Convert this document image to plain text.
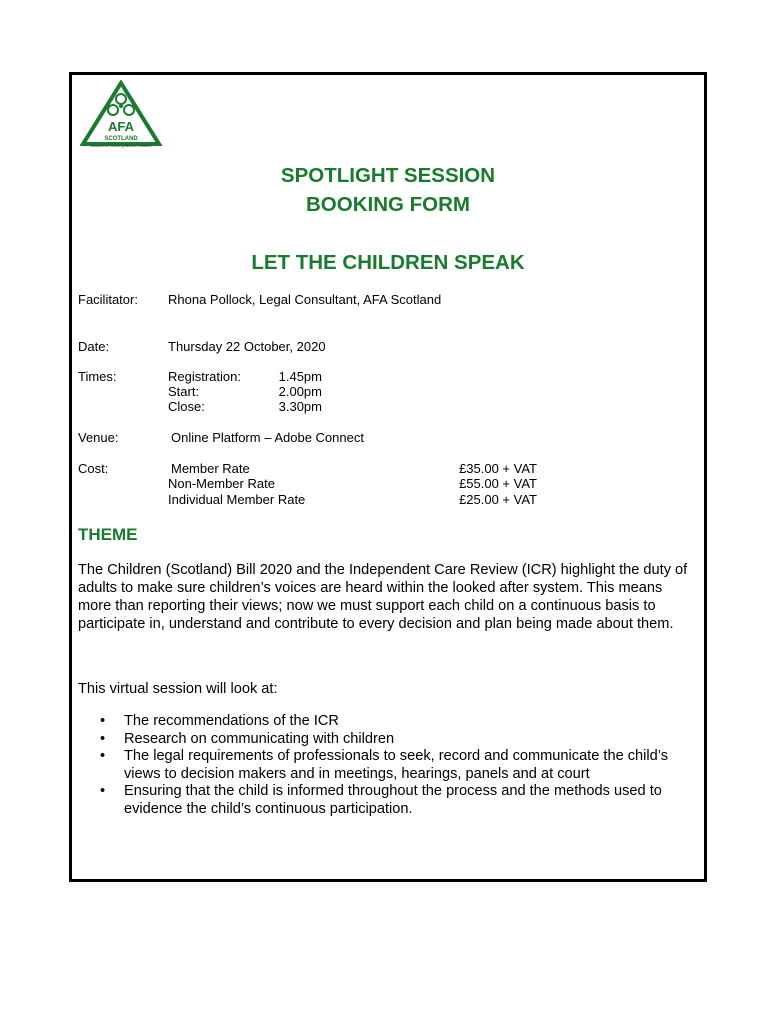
AFA
SCOTLAND
Adoption & Fostering Alliance Scotland
SPOTLIGHT SESSION
BOOKING FORM
LET THE CHILDREN SPEAK
Facilitator: Rhona Pollock, Legal Consultant, AFA Scotland
Date:	Thursday 22 October, 2020
Times:	Registration:	1.45pm
Start:	2.00pm
Close:	3.30pm
Venue:	Online Platform – Adobe Connect
Cost:	Member Rate	£35.00 + VAT
Non-Member Rate	£55.00 + VAT
Individual Member Rate	£25.00 + VAT
THEME
The Children (Scotland) Bill 2020 and the Independent Care Review (ICR) highlight the duty of adults to make sure children’s voices are heard within the looked after system. This means more than reporting their views; now we must support each child on a continuous basis to participate in, understand and contribute to every decision and plan being made about them.
This virtual session will look at:
• The recommendations of the ICR
• Research on communicating with children
• The legal requirements of professionals to seek, record and communicate the child’s views to decision makers and in meetings, hearings, panels and at court
• Ensuring that the child is informed throughout the process and the methods used to evidence the child’s continuous participation.
